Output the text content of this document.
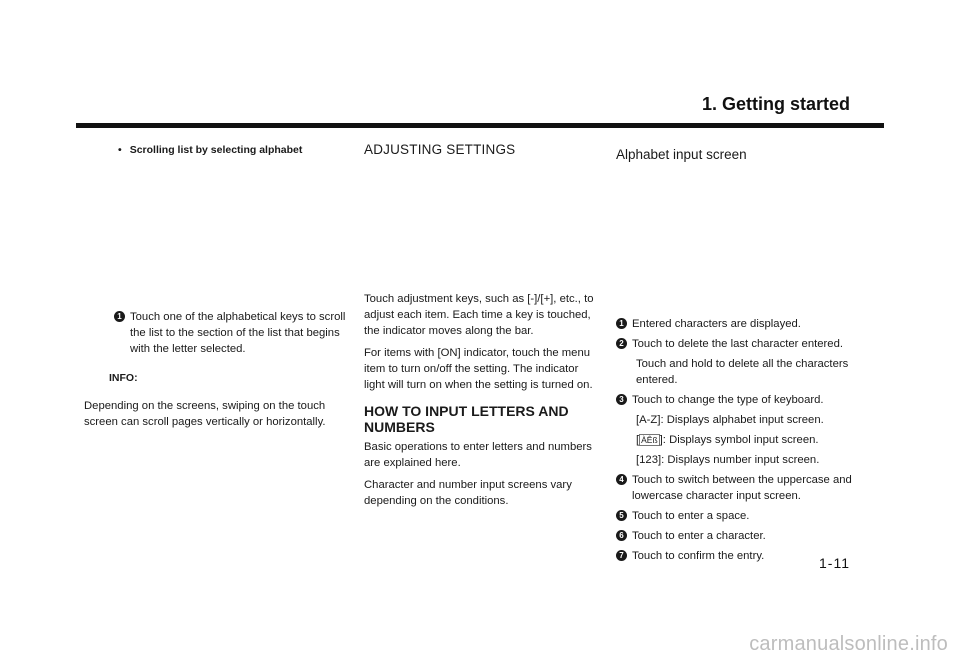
1. Getting started
• Scrolling list by selecting alphabet
1 Touch one of the alphabetical keys to scroll the list to the section of the list that begins with the letter selected.
INFO:
Depending on the screens, swiping on the touch screen can scroll pages vertically or horizontally.
ADJUSTING SETTINGS

Touch adjustment keys, such as [-]/[+], etc., to adjust each item. Each time a key is touched, the indicator moves along the bar.

For items with [ON] indicator, touch the menu item to turn on/off the setting. The indicator light will turn on when the setting is turned on.

HOW TO INPUT LETTERS AND NUMBERS

Basic operations to enter letters and numbers are explained here.

Character and number input screens vary depending on the conditions.

Alphabet input screen
1 Entered characters are displayed.
2 Touch to delete the last character entered.
Touch and hold to delete all the characters entered.
3 Touch to change the type of keyboard.
[A-Z]: Displays alphabet input screen.
[ ÀÊß ]: Displays symbol input screen.
[123]: Displays number input screen.
4 Touch to switch between the uppercase and lowercase character input screen.
5 Touch to enter a space.
6 Touch to enter a character.
7 Touch to confirm the entry.	1-11
carmanualsonline.info
